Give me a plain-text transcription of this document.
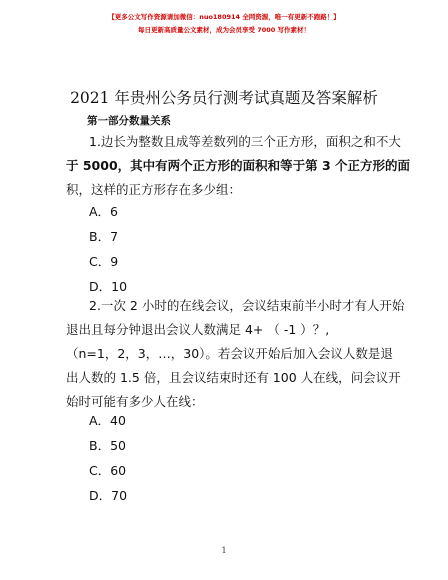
【更多公文写作资源请加微信：nuo180914 全网资源，唯一有更新不跑路！】
每日更新高质量公文素材，成为会员享受 7000 写作素材！
2021 年贵州公务员行测考试真题及答案解析
第一部分数量关系
1.边长为整数且成等差数列的三个正方形，面积之和不大
于 5000，其中有两个正方形的面积和等于第 3 个正方形的面
积，这样的正方形存在多少组：
A．6
B．7
C．9
D．10
2.一次 2 小时的在线会议，会议结束前半小时才有人开始
退出且每分钟退出会议人数满足 4+ （ -1 ）？,
（n=1，2，3，…，30）。若会议开始后加入会议人数是退
出人数的 1.5 倍，且会议结束时还有 100 人在线，问会议开
始时可能有多少人在线：
A．40
B．50
C．60
D．70
1
